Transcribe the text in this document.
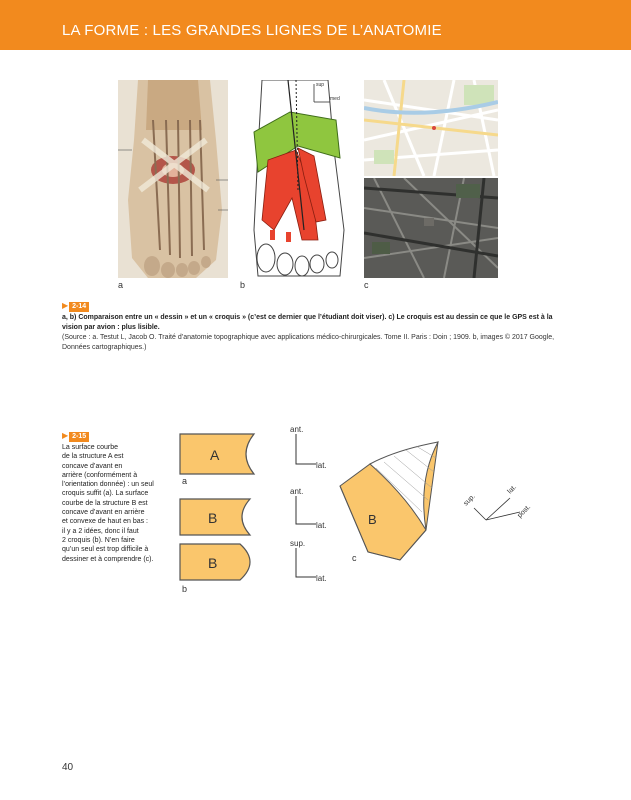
LA FORME : LES GRANDES LIGNES DE L’ANATOMIE
a
sup
med
b	c
▶ 2-14
a, b) Comparaison entre un « dessin » et un « croquis » (c’est ce dernier que l’étudiant doit viser). c) Le croquis est au dessin ce que le GPS est à la vision par avion : plus lisible.
(Source : a. Testut L, Jacob O. Traité d’anatomie topographique avec applications médico-chirurgicales. Tome II. Paris : Doin ; 1909. b, images © 2017 Google, Données cartographiques.)
▶ 2-15
La surface courbe
de la structure A est
concave d’avant en
arrière (conformément à
l’orientation donnée) : un seul
croquis suffit (a). La surface
courbe de la structure B est
concave d’avant en arrière
et convexe de haut en bas :
il y a 2 idées, donc il faut
2 croquis (b). N’en faire
qu’un seul est trop difficile à
dessiner et à comprendre (c).
A
a
B
B
b
ant.
lat.
ant.
lat.
sup.
lat.
B
c
sup.
lat.
post.
40
